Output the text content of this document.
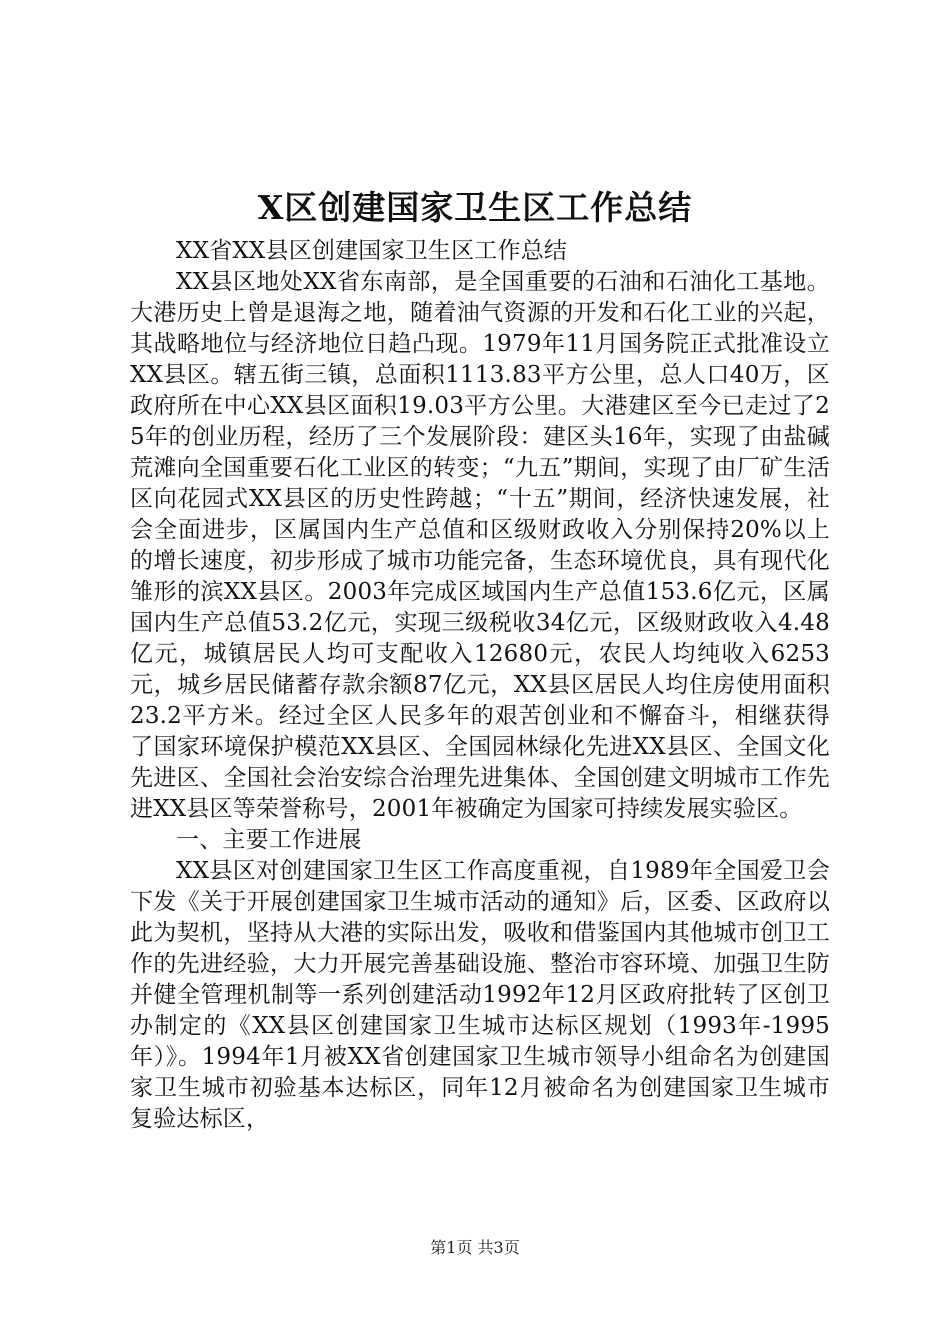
X区创建国家卫生区工作总结

XX省XX县区创建国家卫生区工作总结

XX县区地处XX省东南部，是全国重要的石油和石油化工基地。大港历史上曾是退海之地，随着油气资源的开发和石化工业的兴起，其战略地位与经济地位日趋凸现。1979年11月国务院正式批准设立XX县区。辖五街三镇，总面积1113.83平方公里，总人口40万，区政府所在中心XX县区面积19.03平方公里。大港建区至今已走过了25年的创业历程，经历了三个发展阶段：建区头16年，实现了由盐碱荒滩向全国重要石化工业区的转变；“九五”期间，实现了由厂矿生活区向花园式XX县区的历史性跨越；“十五”期间，经济快速发展，社会全面进步，区属国内生产总值和区级财政收入分别保持20%以上的增长速度，初步形成了城市功能完备，生态环境优良，具有现代化雏形的滨XX县区。2003年完成区域国内生产总值153.6亿元，区属国内生产总值53.2亿元，实现三级税收34亿元，区级财政收入4.48亿元，城镇居民人均可支配收入12680元，农民人均纯收入6253元，城乡居民储蓄存款余额87亿元，XX县区居民人均住房使用面积23.2平方米。经过全区人民多年的艰苦创业和不懈奋斗，相继获得了国家环境保护模范XX县区、全国园林绿化先进XX县区、全国文化先进区、全国社会治安综合治理先进集体、全国创建文明城市工作先进XX县区等荣誉称号，2001年被确定为国家可持续发展实验区。

一、主要工作进展

XX县区对创建国家卫生区工作高度重视，自1989年全国爱卫会下发《关于开展创建国家卫生城市活动的通知》后，区委、区政府以此为契机，坚持从大港的实际出发，吸收和借鉴国内其他城市创卫工作的先进经验，大力开展完善基础设施、整治市容环境、加强卫生防并健全管理机制等一系列创建活动1992年12月区政府批转了区创卫办制定的《XX县区创建国家卫生城市达标区规划（1993年-1995年）》。1994年1月被XX省创建国家卫生城市领导小组命名为创建国家卫生城市初验基本达标区，同年12月被命名为创建国家卫生城市复验达标区，

第1页 共3页
